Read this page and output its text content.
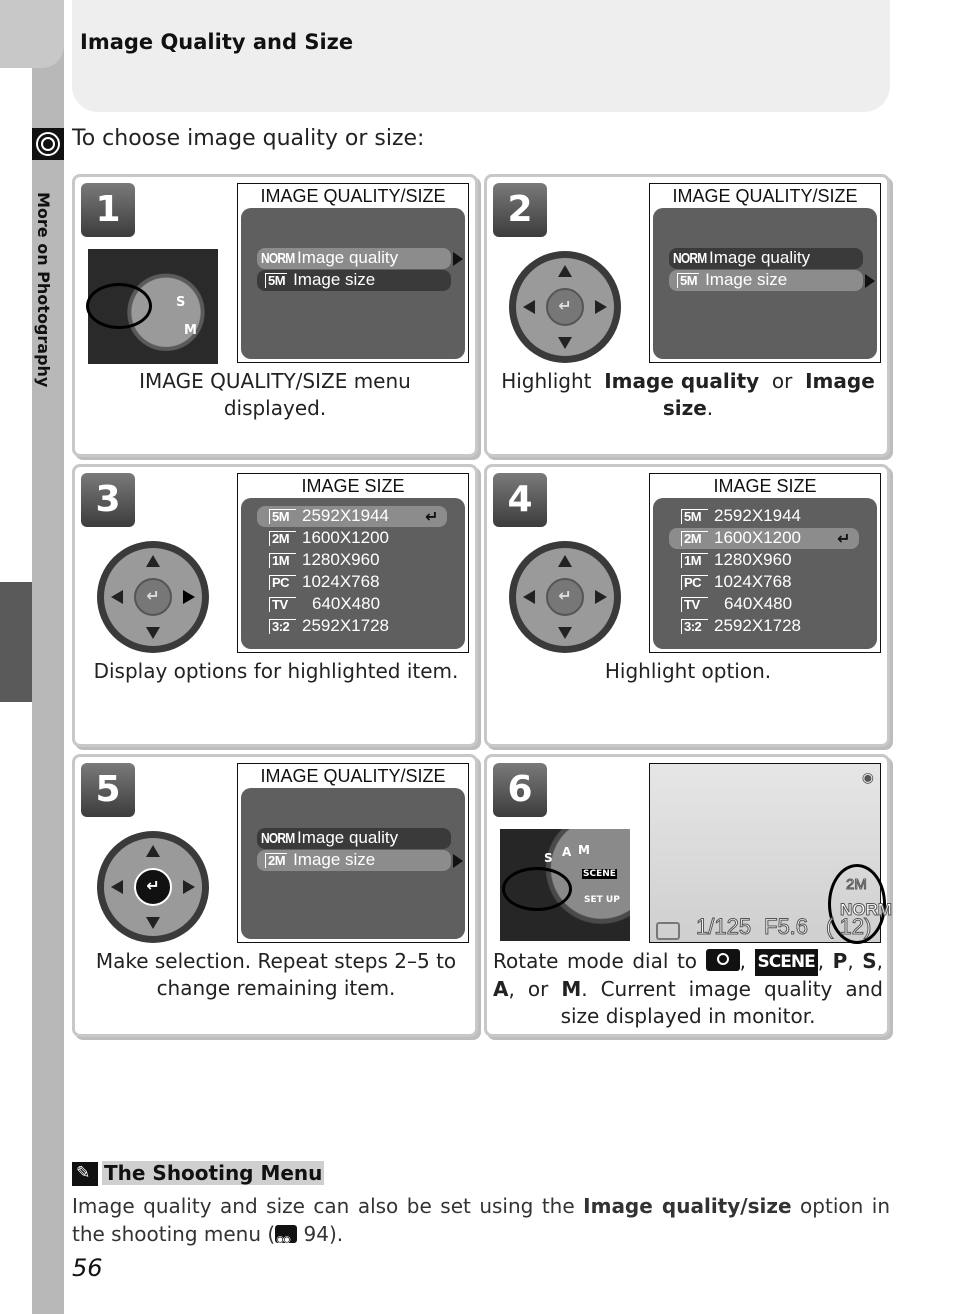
More on Photography
Image Quality and Size
To choose image quality or size:
1
S
M
IMAGE QUALITY/SIZE
NORM Image quality
5M Image size
IMAGE QUALITY/SIZE menu displayed.
2
↵
IMAGE QUALITY/SIZE
NORM Image quality
5M Image size
Highlight Image quality or Image size.
3
↵
IMAGE SIZE
5M 2592X1944
2M 1600X1200
1M 1280X960
PC 1024X768
TV 640X480
3:2 2592X1728
↵
Display options for highlighted item.
4
↵
IMAGE SIZE
5M 2592X1944
2M 1600X1200
1M 1280X960
PC 1024X768
TV 640X480
3:2 2592X1728
↵
Highlight option.
5
↵
IMAGE QUALITY/SIZE
NORM Image quality
2M Image size
Make selection. Repeat steps 2–5 to
change remaining item.
6
S A M
SCENE
SET UP
◉
2M
NORM
1/125 F5.6 ( 12)
Rotate mode dial to , SCENE , P, S, A, or M. Current image quality and size displayed in monitor.
✎
The Shooting Menu
Image quality and size can also be set using the Image quality/size option in the shooting menu (◉◉ 94).
56
